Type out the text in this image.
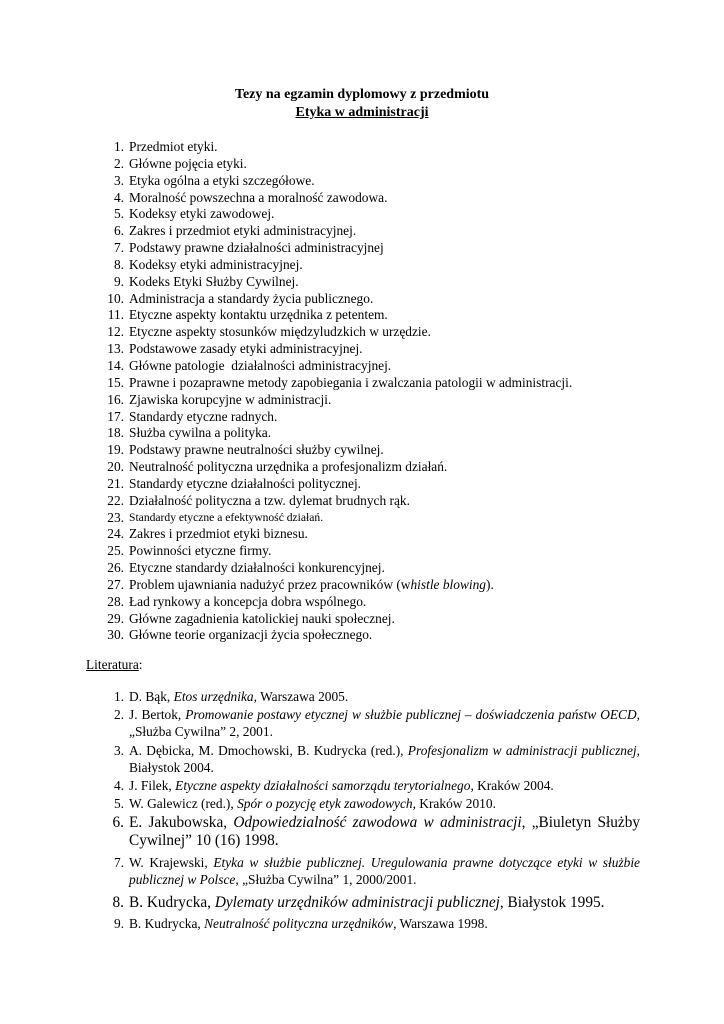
Tezy na egzamin dyplomowy z przedmiotu
Etyka w administracji
1. Przedmiot etyki.
2. Główne pojęcia etyki.
3. Etyka ogólna a etyki szczegółowe.
4. Moralność powszechna a moralność zawodowa.
5. Kodeksy etyki zawodowej.
6. Zakres i przedmiot etyki administracyjnej.
7. Podstawy prawne działalności administracyjnej
8. Kodeksy etyki administracyjnej.
9. Kodeks Etyki Służby Cywilnej.
10. Administracja a standardy życia publicznego.
11. Etyczne aspekty kontaktu urzędnika z petentem.
12. Etyczne aspekty stosunków międzyludzkich w urzędzie.
13. Podstawowe zasady etyki administracyjnej.
14. Główne patologie  działalności administracyjnej.
15. Prawne i pozaprawne metody zapobiegania i zwalczania patologii w administracji.
16. Zjawiska korupcyjne w administracji.
17. Standardy etyczne radnych.
18. Służba cywilna a polityka.
19. Podstawy prawne neutralności służby cywilnej.
20. Neutralność polityczna urzędnika a profesjonalizm działań.
21. Standardy etyczne działalności politycznej.
22. Działalność polityczna a tzw. dylemat brudnych rąk.
23. Standardy etyczne a efektywność działań.
24. Zakres i przedmiot etyki biznesu.
25. Powinności etyczne firmy.
26. Etyczne standardy działalności konkurencyjnej.
27. Problem ujawniania nadużyć przez pracowników (whistle blowing).
28. Ład rynkowy a koncepcja dobra wspólnego.
29. Główne zagadnienia katolickiej nauki społecznej.
30. Główne teorie organizacji życia społecznego.
Literatura:
1. D. Bąk, Etos urzędnika, Warszawa 2005.
2. J. Bertok, Promowanie postawy etycznej w służbie publicznej – doświadczenia państw OECD, „Służba Cywilna” 2, 2001.
3. A. Dębicka, M. Dmochowski, B. Kudrycka (red.), Profesjonalizm w administracji publicznej, Białystok 2004.
4. J. Filek, Etyczne aspekty działalności samorządu terytorialnego, Kraków 2004.
5. W. Galewicz (red.), Spór o pozycję etyk zawodowych, Kraków 2010.
6. E. Jakubowska, Odpowiedzialność zawodowa w administracji, „Biuletyn Służby Cywilnej” 10 (16) 1998.
7. W. Krajewski, Etyka w służbie publicznej. Uregulowania prawne dotyczące etyki w służbie publicznej w Polsce, „Służba Cywilna” 1, 2000/2001.
8. B. Kudrycka, Dylematy urzędników administracji publicznej, Białystok 1995.
9. B. Kudrycka, Neutralność polityczna urzędników, Warszawa 1998.
